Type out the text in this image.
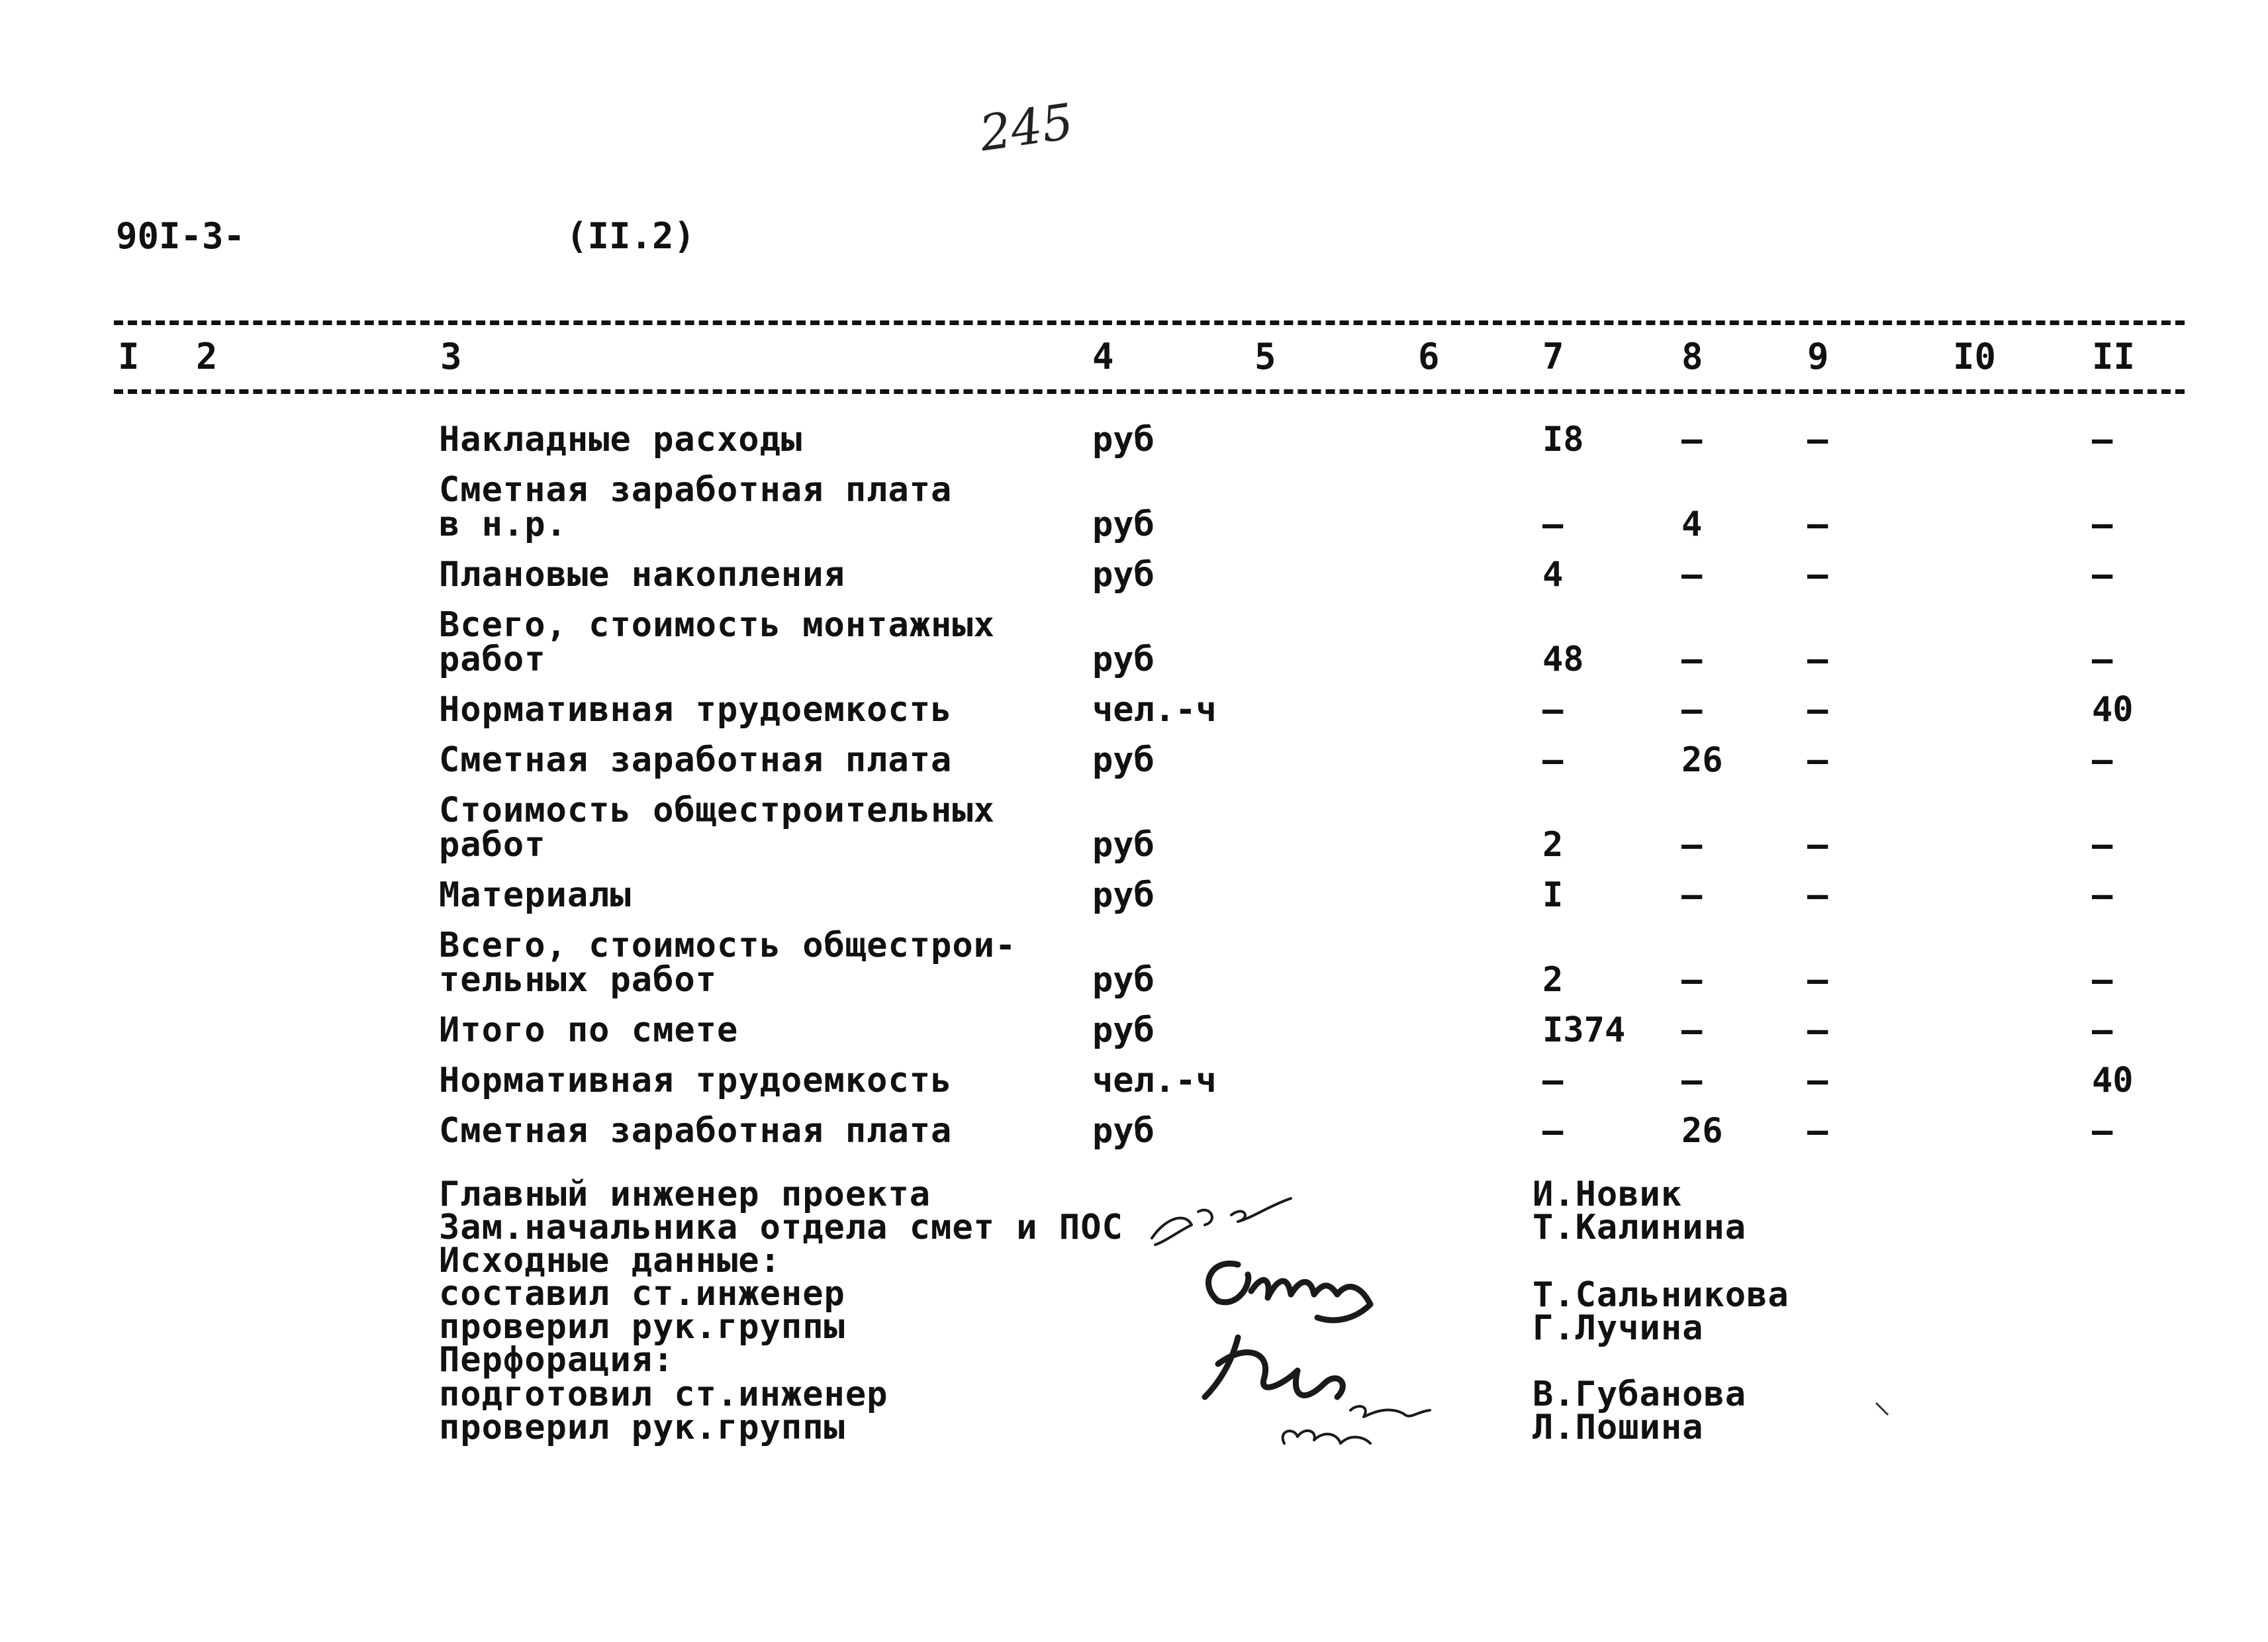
245
90I-3-	(II.2)
I 2	3	4	5	6	7	8	9	I0	II
Накладные расходы	руб	I8	–	–	–
Сметная заработная плата
в н.р.	руб	–	4	–	–
Плановые накопления	руб	4	–	–	–
Всего, стоимость монтажных
работ	руб	48	–	–	–
Нормативная трудоемкость	чел.-ч	–	–	–	40
Сметная заработная плата	руб	–	26 –	–
Стоимость общестроительных
работ	руб	2	–	–	–
Материалы	руб	I	–	–	–
Всего, стоимость общестрои-
тельных работ	руб	2	–	–	–
Итого по смете	руб	I374 –	–	–
Нормативная трудоемкость	чел.-ч	–	–	–	40
Сметная заработная плата	руб	–	26 –	–
Главный инженер проекта
Зам.начальника отдела смет и ПОС
Исходные данные:
составил ст.инженер
проверил рук.группы
Перфорация:
подготовил ст.инженер
проверил рук.группы
И.Новик
Т.Калинина
Т.Сальникова
Г.Лучина
В.Губанова
Л.Пошина
